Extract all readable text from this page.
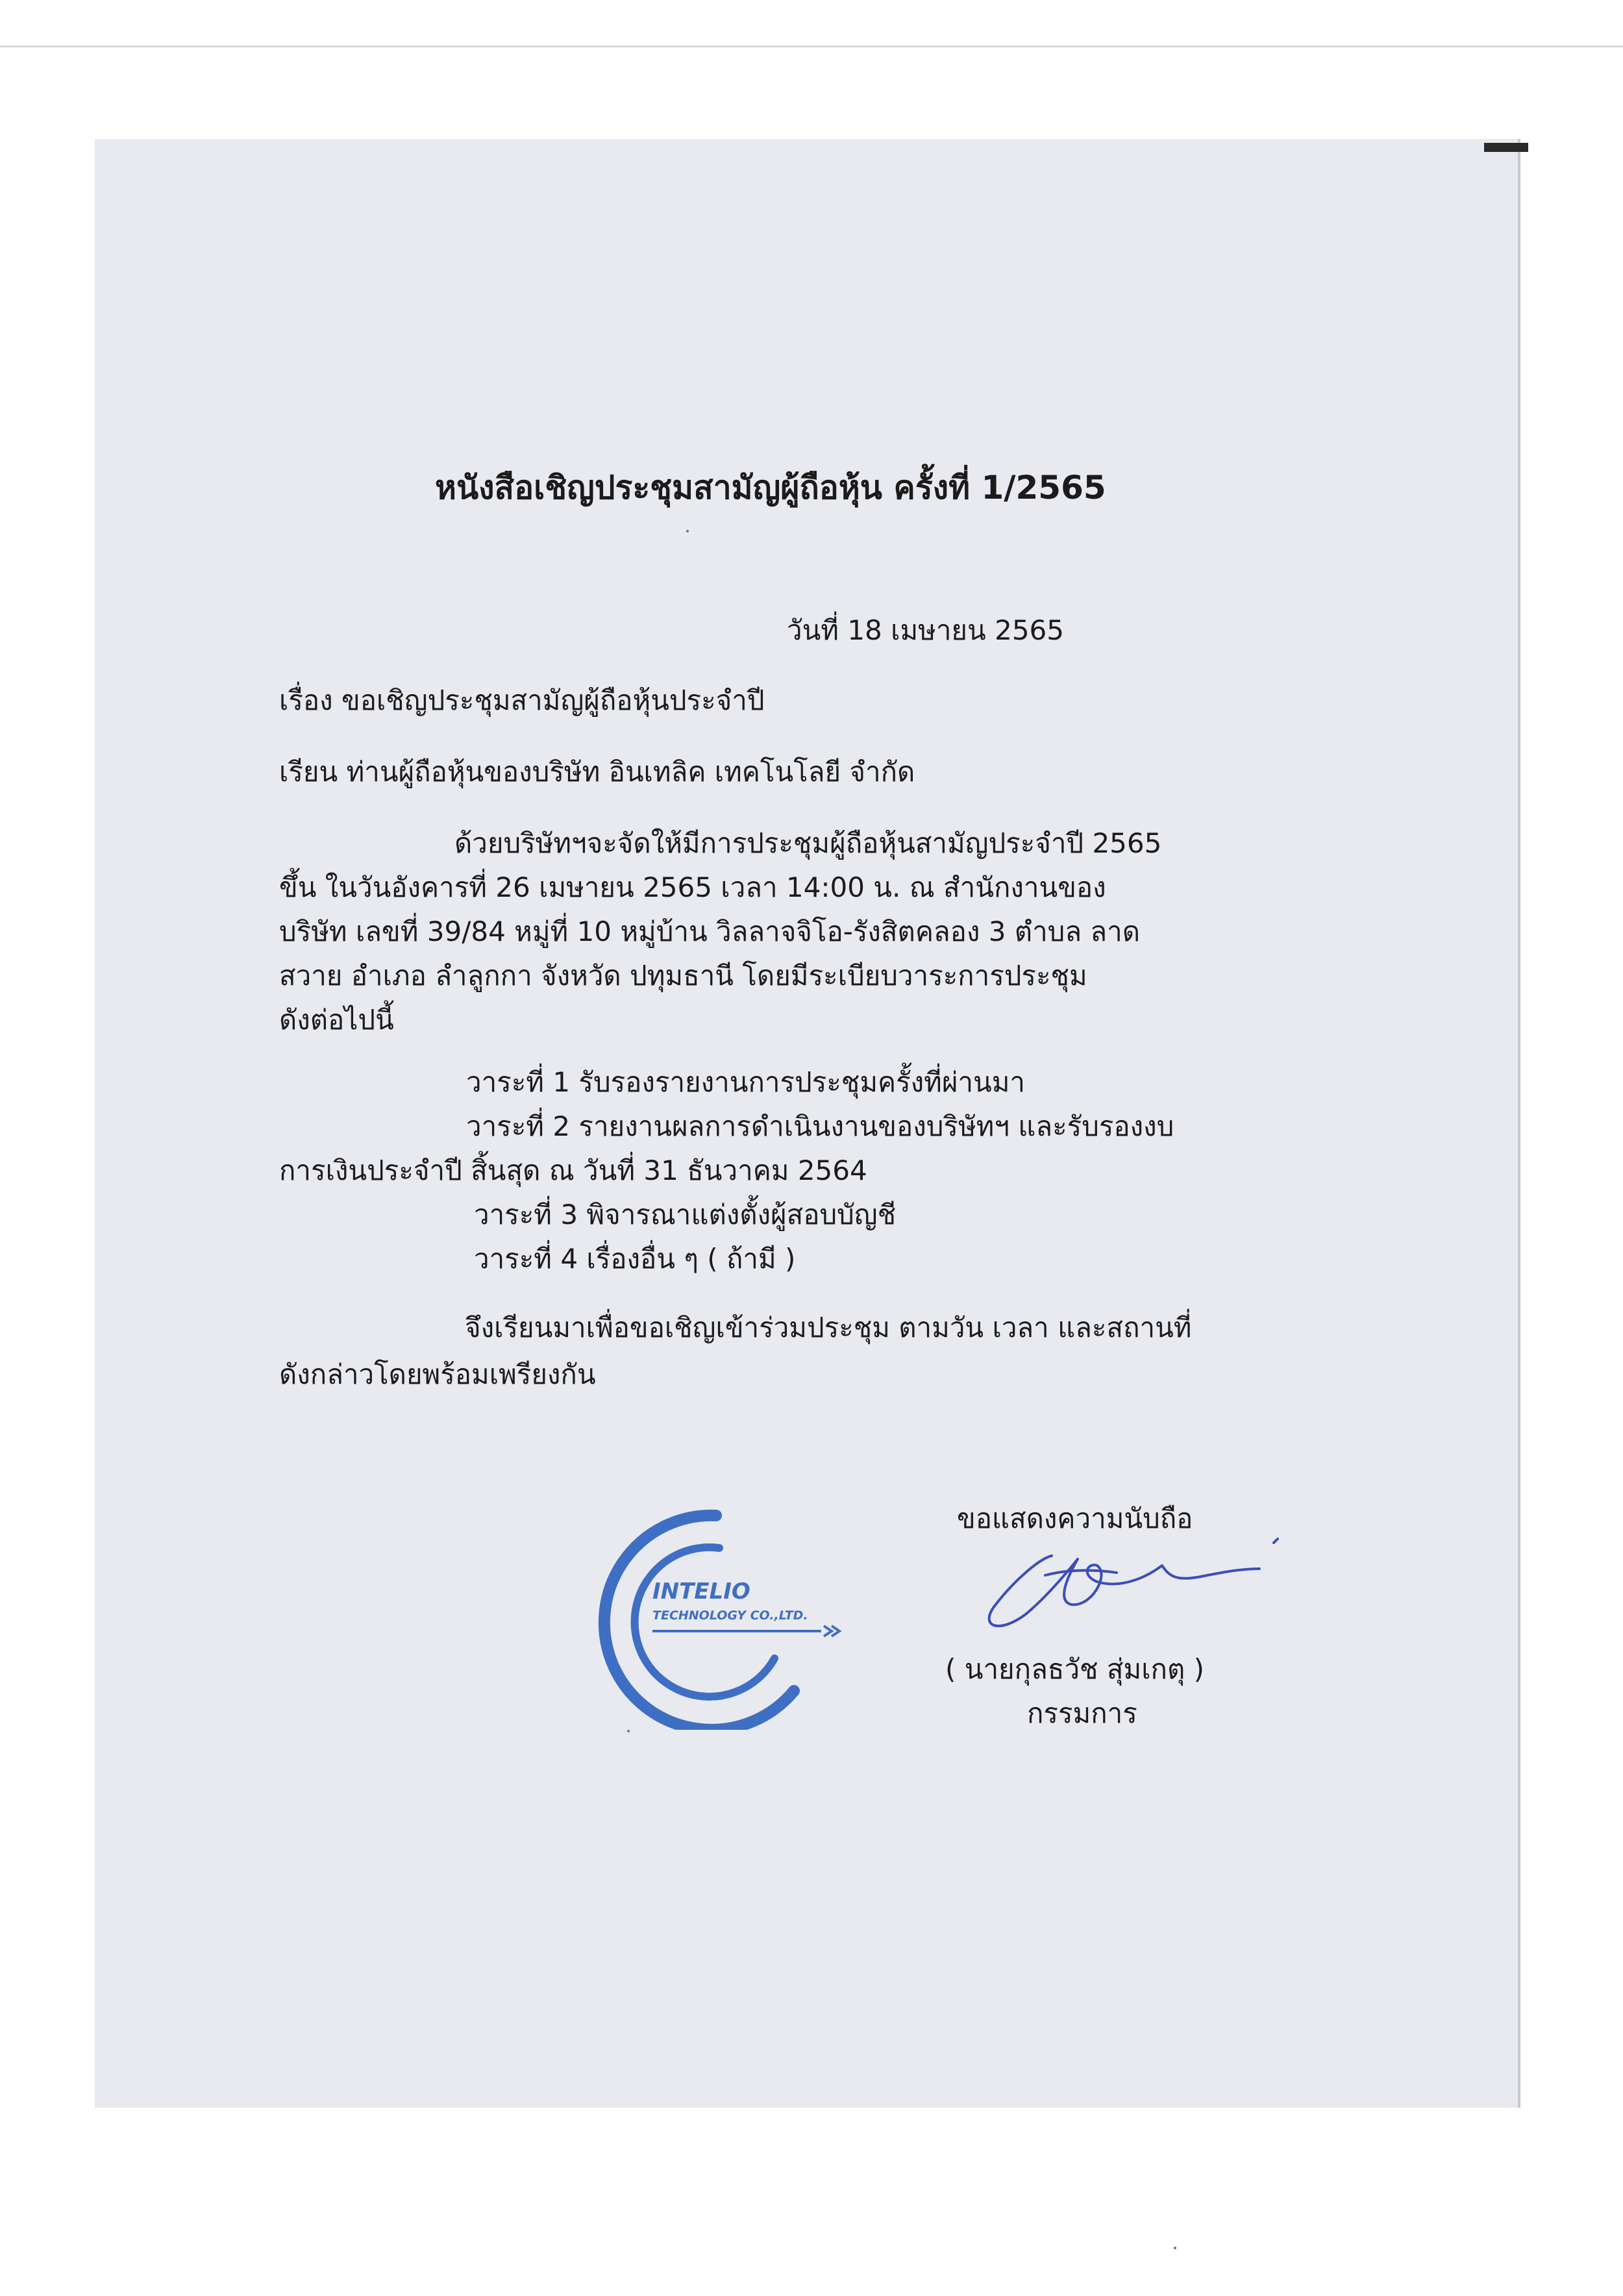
หนังสือเชิญประชุมสามัญผู้ถือหุ้น ครั้งที่ 1/2565
วันที่ 18 เมษายน 2565
เรื่อง ขอเชิญประชุมสามัญผู้ถือหุ้นประจำปี
เรียน ท่านผู้ถือหุ้นของบริษัท อินเทลิค เทคโนโลยี จำกัด
ด้วยบริษัทฯจะจัดให้มีการประชุมผู้ถือหุ้นสามัญประจำปี 2565
ขึ้น ในวันอังคารที่ 26 เมษายน 2565 เวลา 14:00 น. ณ สำนักงานของ
บริษัท เลขที่ 39/84 หมู่ที่ 10 หมู่บ้าน วิลลาจจิโอ-รังสิตคลอง 3 ตำบล ลาด
สวาย อำเภอ ลำลูกกา จังหวัด ปทุมธานี โดยมีระเบียบวาระการประชุม
ดังต่อไปนี้
วาระที่ 1 รับรองรายงานการประชุมครั้งที่ผ่านมา
วาระที่ 2 รายงานผลการดำเนินงานของบริษัทฯ และรับรองงบ
การเงินประจำปี สิ้นสุด ณ วันที่ 31 ธันวาคม 2564
วาระที่ 3 พิจารณาแต่งตั้งผู้สอบบัญชี
วาระที่ 4 เรื่องอื่น ๆ ( ถ้ามี )
จึงเรียนมาเพื่อขอเชิญเข้าร่วมประชุม ตามวัน เวลา และสถานที่
ดังกล่าวโดยพร้อมเพรียงกัน
INTELIO
TECHNOLOGY CO.,LTD.
ขอแสดงความนับถือ
( นายกุลธวัช สุ่มเกตุ )
กรรมการ
